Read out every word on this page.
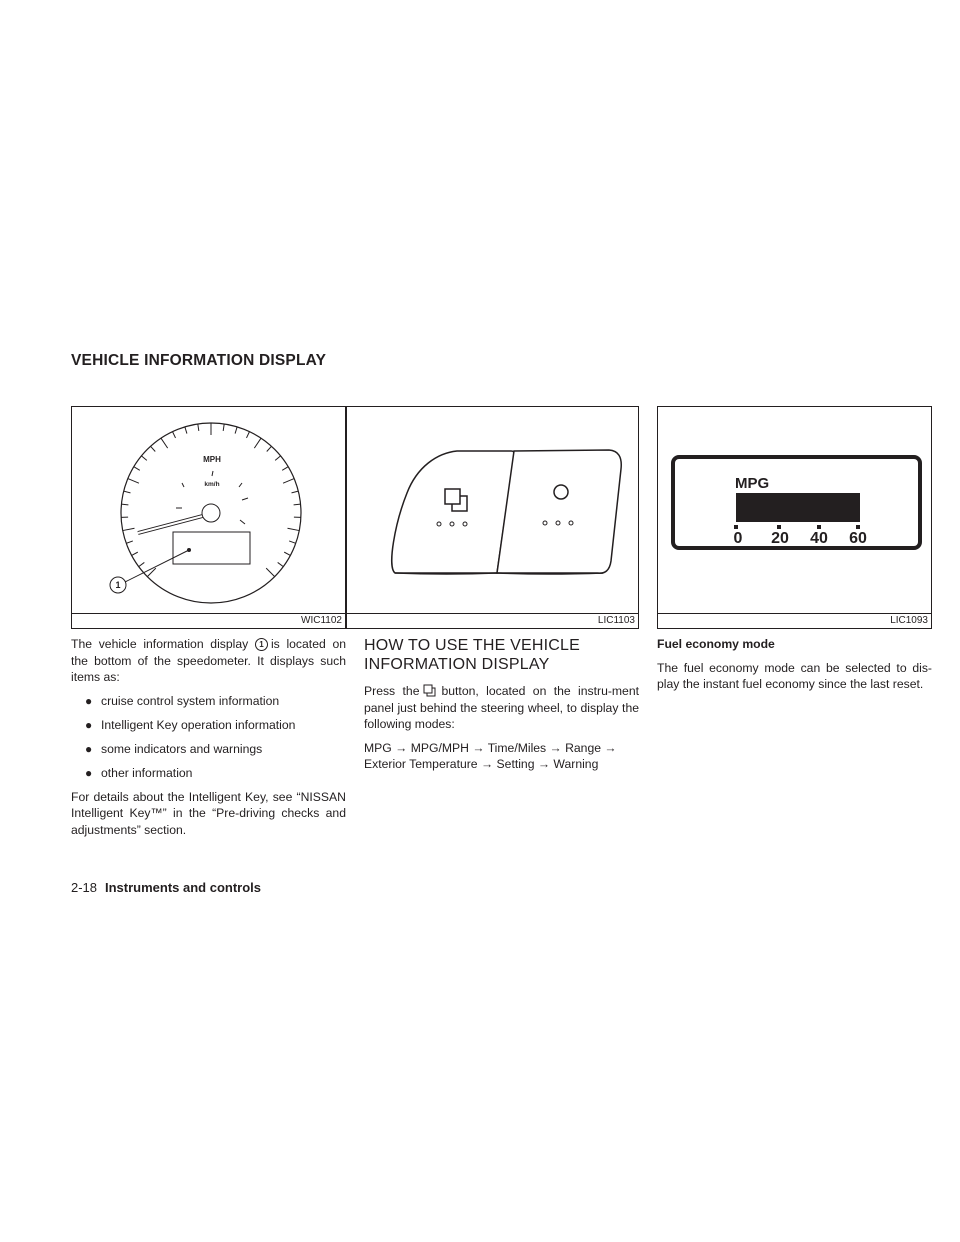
VEHICLE INFORMATION DISPLAY
1
MPH
km/h
WIC1102	LIC1103
MPG
0 20 40 60
LIC1093

The vehicle information display 1 is located on the bottom of the speedometer. It displays such items as:

● cruise control system information
● Intelligent Key operation information
● some indicators and warnings
● other information

For details about the Intelligent Key, see “NISSAN Intelligent Key™” in the “Pre-driving checks and adjustments” section.

HOW TO USE THE VEHICLE INFORMATION DISPLAY

Press the button, located on the instru-ment panel just behind the steering wheel, to display the following modes:

MPG → MPG/MPH → Time/Miles → Range → Exterior Temperature → Setting → Warning

Fuel economy mode

The fuel economy mode can be selected to dis-play the instant fuel economy since the last reset.

2-18 Instruments and controls
